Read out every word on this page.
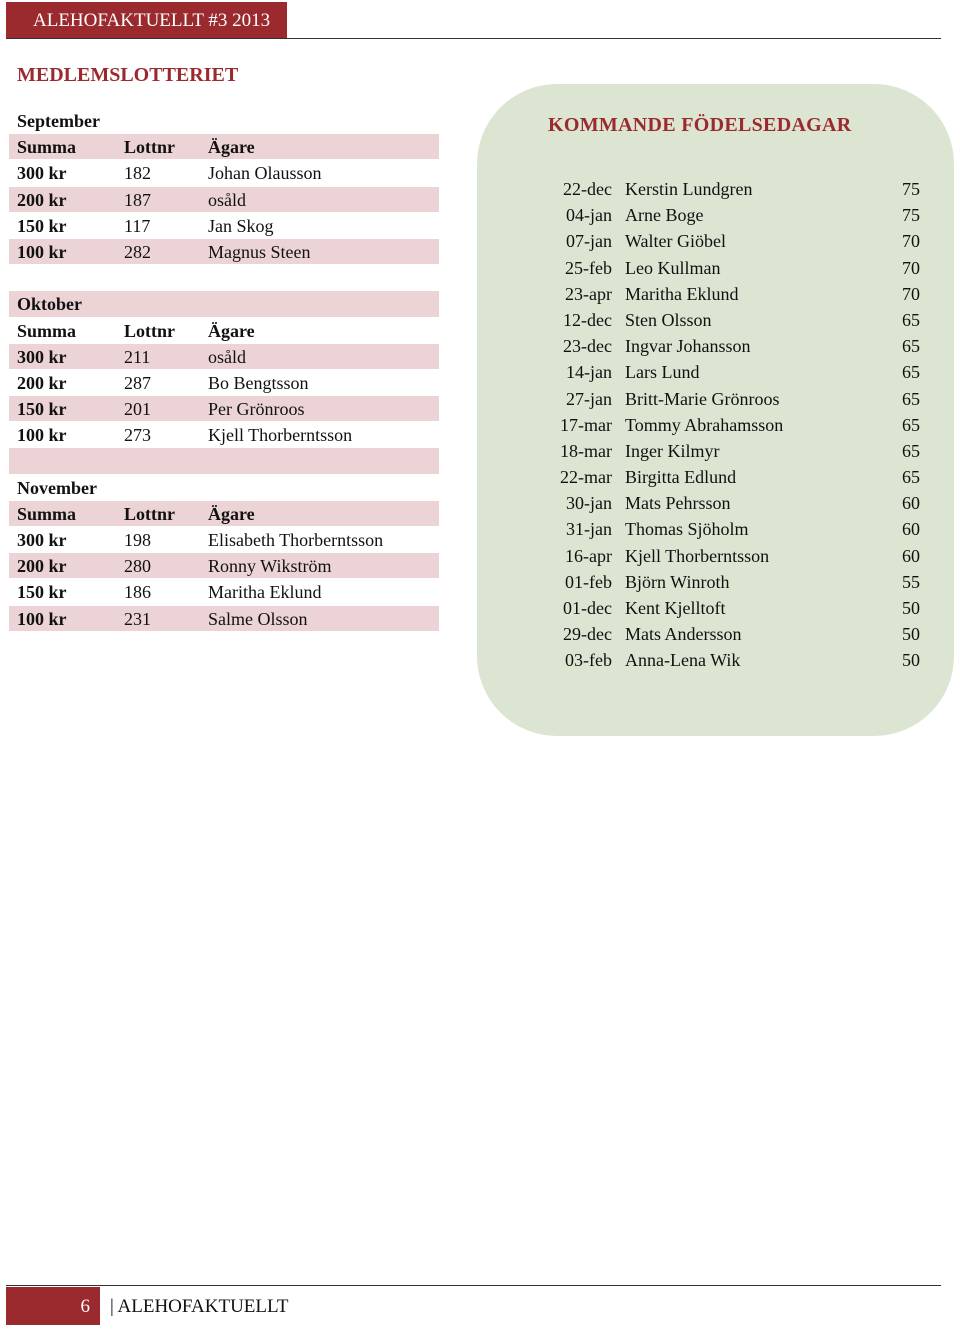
ALEHOFAKTUELLT #3 2013
MEDLEMSLOTTERIET
September
Summa	Lottnr Ägare
300 kr	182	Johan Olausson
200 kr	187	osåld
150 kr	117	Jan Skog
100 kr	282	Magnus Steen
Oktober
Summa	Lottnr Ägare
300 kr	211	osåld
200 kr	287	Bo Bengtsson
150 kr	201	Per Grönroos
100 kr	273	Kjell Thorberntsson
November
Summa	Lottnr Ägare
300 kr	198	Elisabeth Thorberntsson
200 kr	280	Ronny Wikström
150 kr	186	Maritha Eklund
100 kr	231	Salme Olsson
KOMMANDE FÖDELSEDAGAR
22-dec Kerstin Lundgren	75
04-jan Arne Boge	75
07-jan Walter Giöbel	70
25-feb Leo Kullman	70
23-apr Maritha Eklund	70
12-dec Sten Olsson	65
23-dec Ingvar Johansson	65
14-jan Lars Lund	65
27-jan Britt-Marie Grönroos	65
17-mar Tommy Abrahamsson	65
18-mar Inger Kilmyr	65
22-mar Birgitta Edlund	65
30-jan Mats Pehrsson	60
31-jan Thomas Sjöholm	60
16-apr Kjell Thorberntsson	60
01-feb Björn Winroth	55
01-dec Kent Kjelltoft	50
29-dec Mats Andersson	50
03-feb Anna-Lena Wik	50
6	| ALEHOFAKTUELLT
